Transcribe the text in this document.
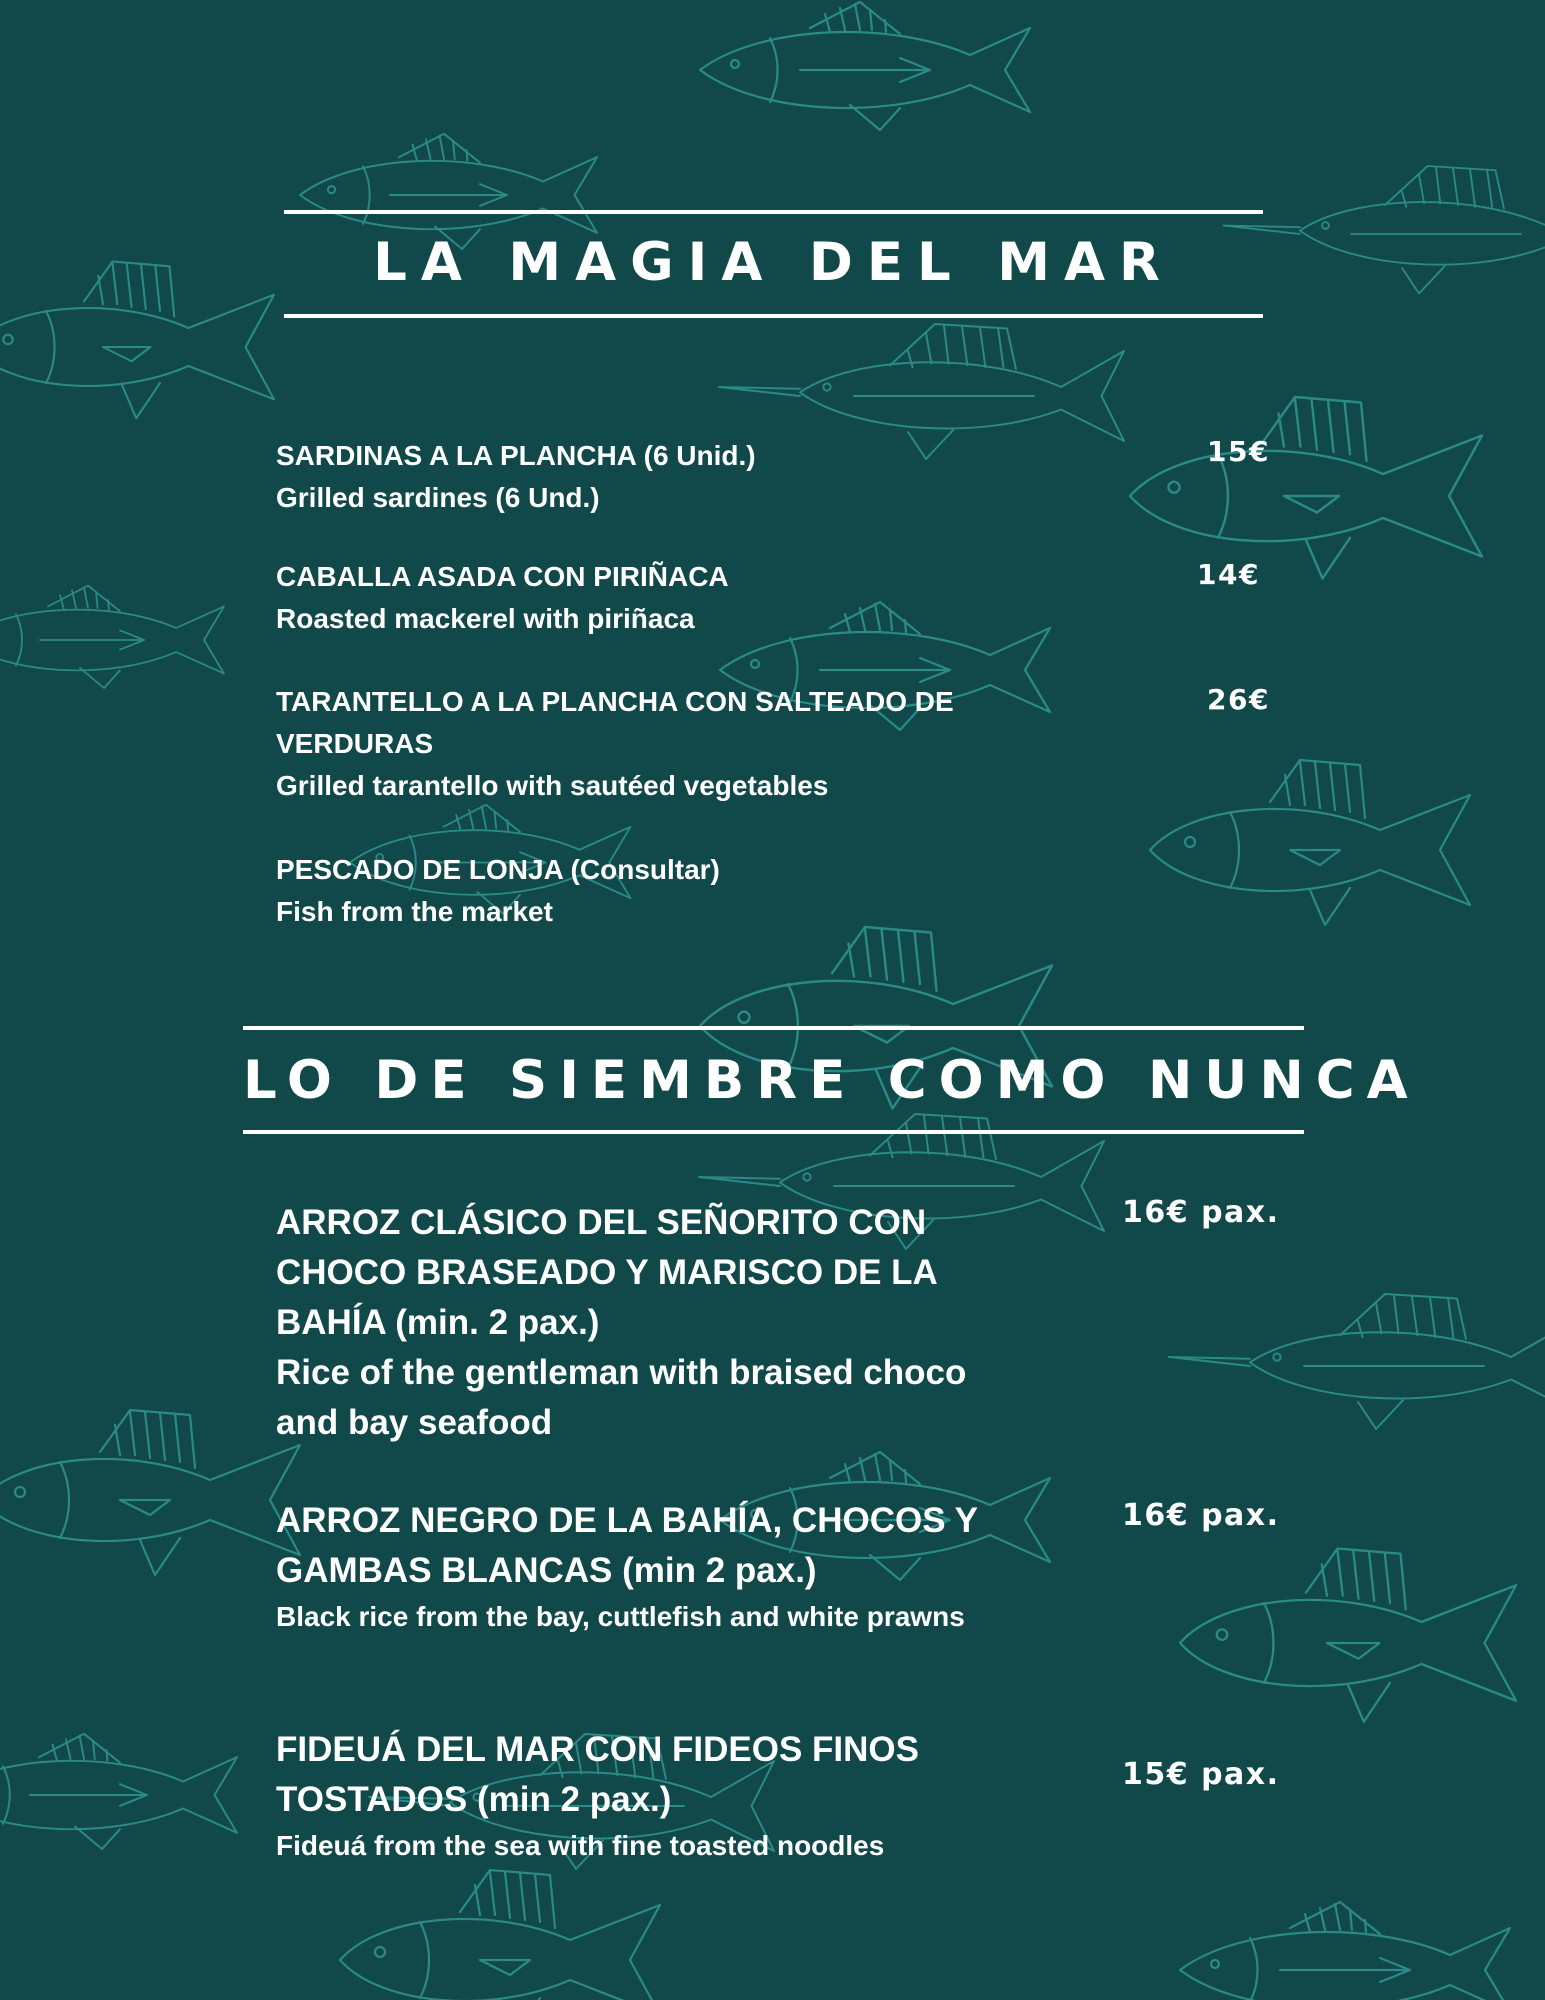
LA MAGIA DEL MAR
SARDINAS A LA PLANCHA (6 Unid.)
Grilled sardines (6 Und.)
15€
CABALLA ASADA CON PIRIÑACA
Roasted mackerel with piriñaca
14€
TARANTELLO A LA PLANCHA CON SALTEADO DE VERDURAS
Grilled tarantello with sautéed vegetables
26€
PESCADO DE LONJA (Consultar)
Fish from the market
LO DE SIEMBRE COMO NUNCA
ARROZ CLÁSICO DEL SEÑORITO CON CHOCO BRASEADO Y MARISCO DE LA BAHÍA (min. 2 pax.)
Rice of the gentleman with braised choco and bay seafood
16€ pax.
ARROZ NEGRO DE LA BAHÍA, CHOCOS Y GAMBAS BLANCAS (min 2 pax.)
Black rice from the bay, cuttlefish and white prawns
16€ pax.
FIDEUÁ DEL MAR CON FIDEOS FINOS TOSTADOS (min 2 pax.)
Fideuá from the sea with fine toasted noodles
15€ pax.
